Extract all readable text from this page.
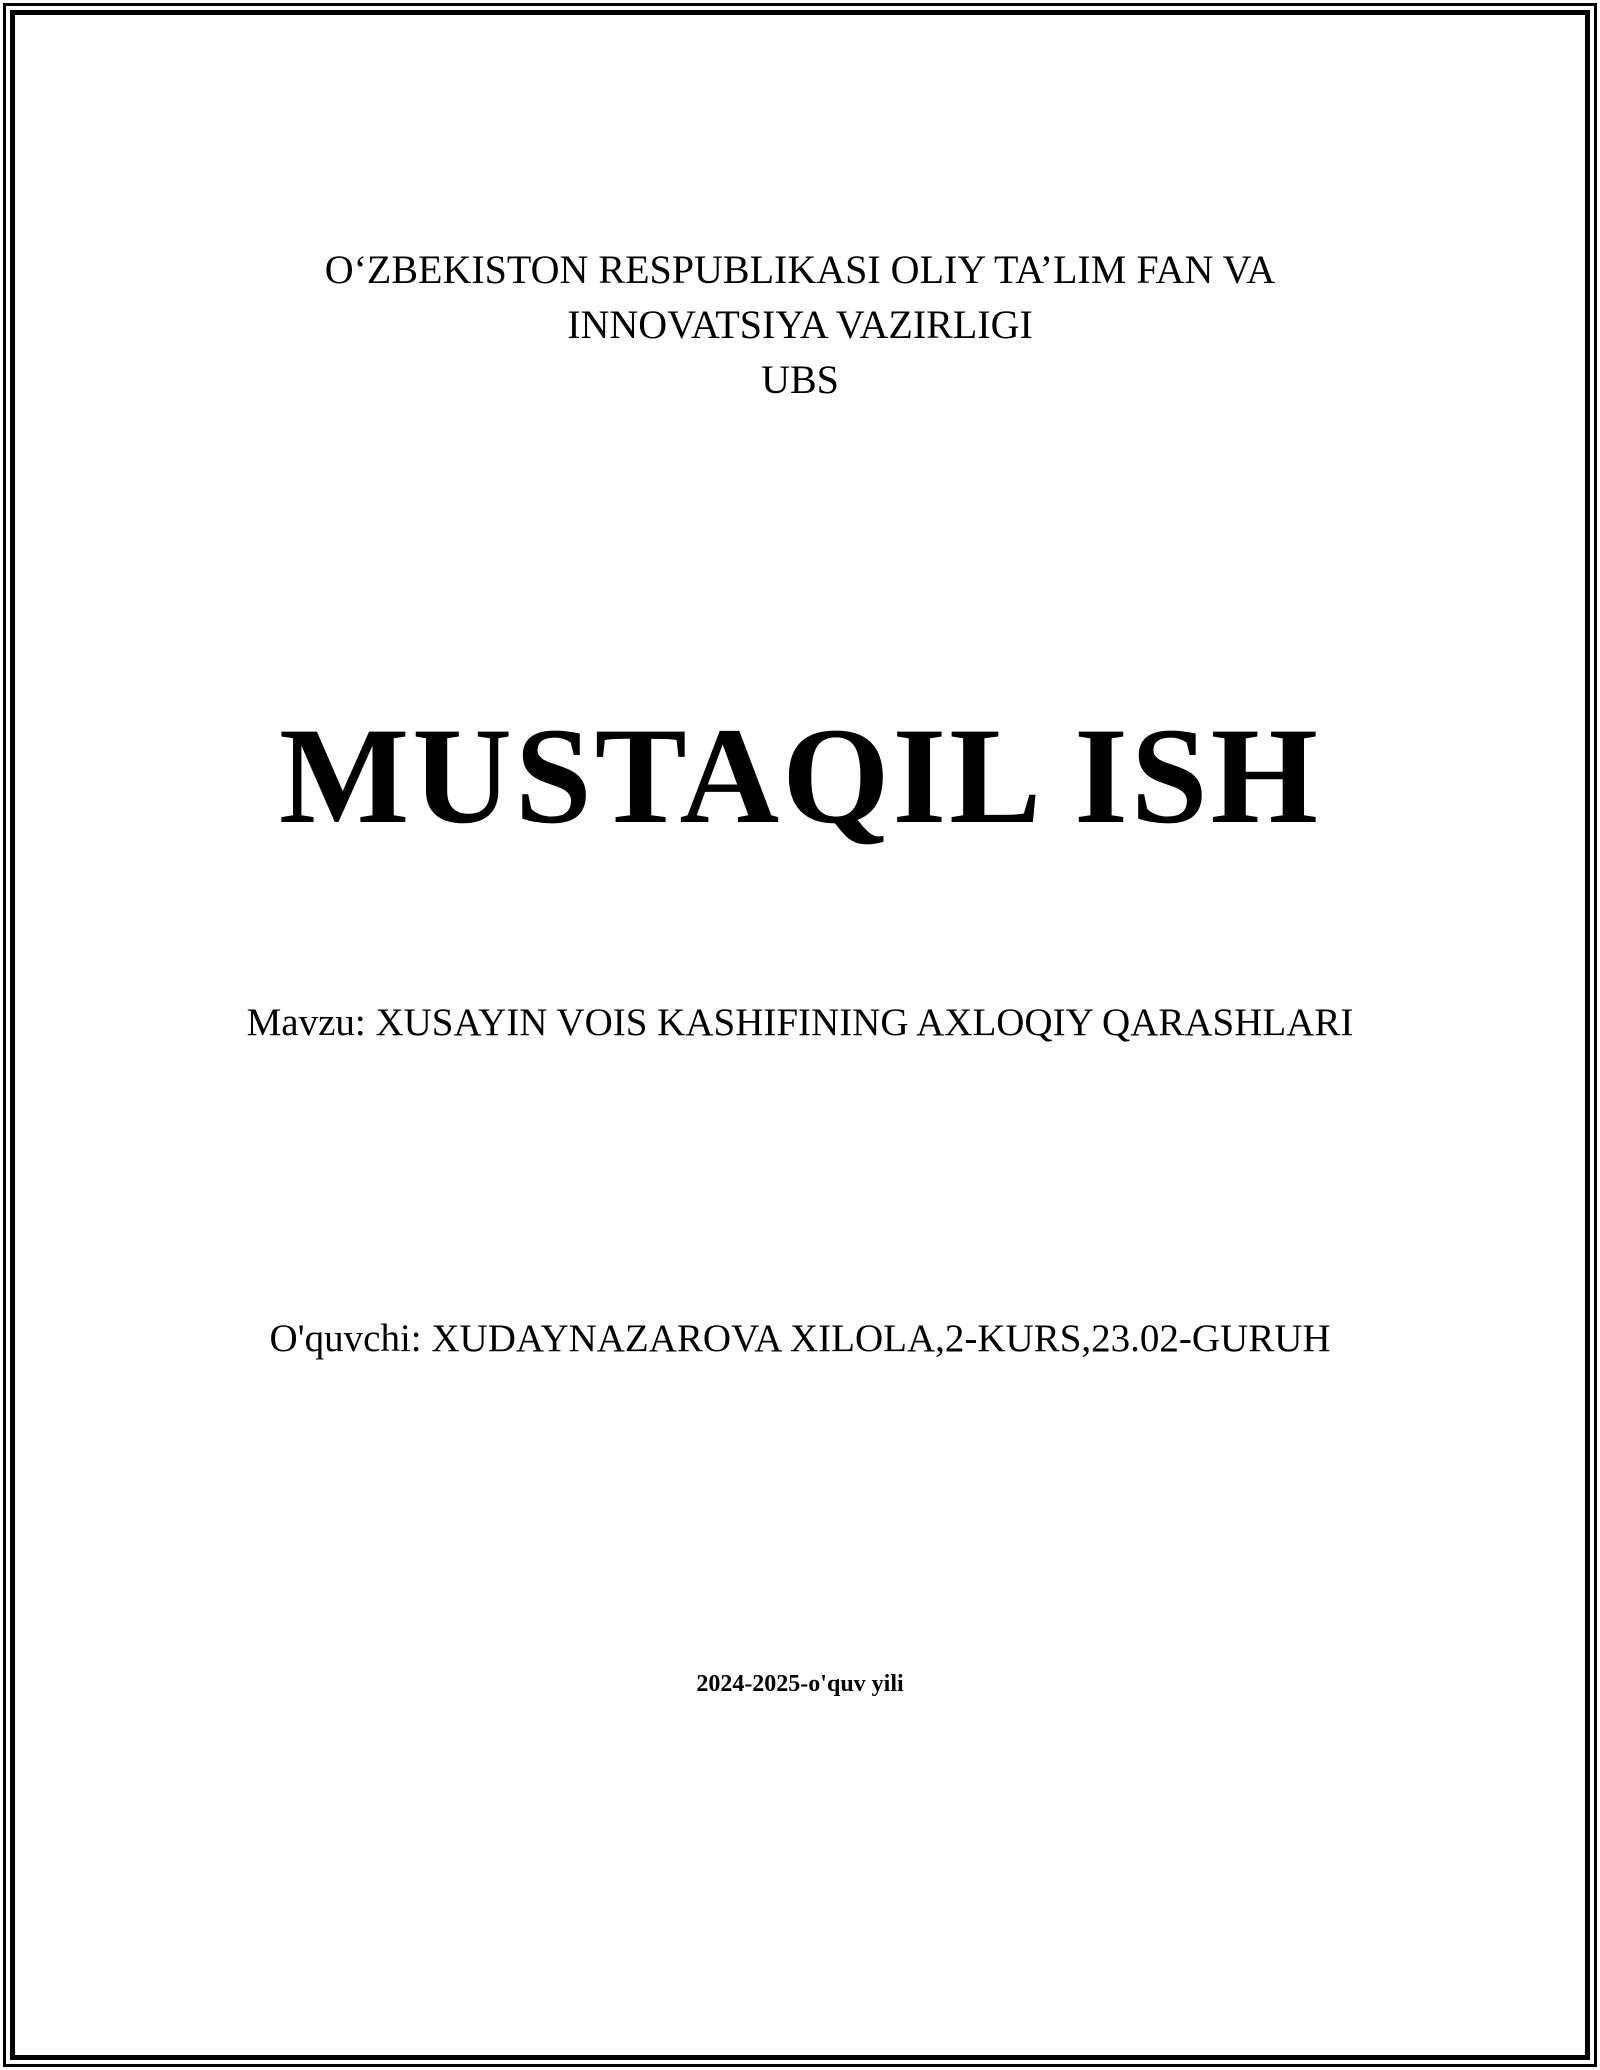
O‘ZBEKISTON RESPUBLIKASI OLIY TA’LIM FAN VA
INNOVATSIYA VAZIRLIGI
UBS
MUSTAQIL ISH
Mavzu: XUSAYIN VOIS KASHIFINING AXLOQIY QARASHLARI
O'quvchi: XUDAYNAZAROVA XILOLA,2-KURS,23.02-GURUH
2024-2025-o'quv yili
